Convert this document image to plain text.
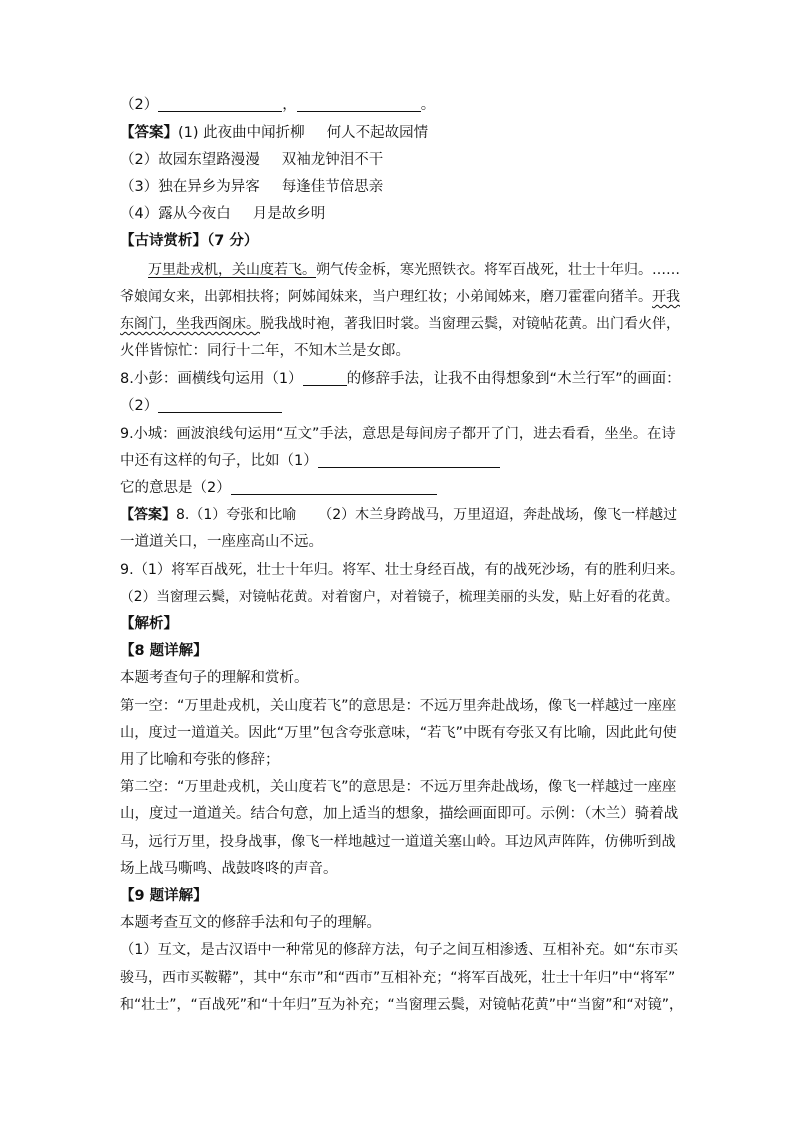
（2）	，	。
【答案】(1) 此夜曲中闻折柳 何人不起故园情
（2）故园东望路漫漫 双袖龙钟泪不干
（3）独在异乡为异客 每逢佳节倍思亲
（4）露从今夜白 月是故乡明
【古诗赏析】（7 分）
万里赴戎机，关山度若飞。朔气传金柝，寒光照铁衣。将军百战死，壮士十年归。……
爷娘闻女来，出郭相扶将；阿姊闻妹来，当户理红妆；小弟闻姊来，磨刀霍霍向猪羊。开我
东阁门，坐我西阁床。脱我战时袍，著我旧时裳。当窗理云鬓，对镜帖花黄。出门看火伴，
火伴皆惊忙：同行十二年，不知木兰是女郎。
8.小彭：画横线句运用（1）	的修辞手法，让我不由得想象到“木兰行军”的画面：
（2）
9.小城：画波浪线句运用“互文”手法，意思是每间房子都开了门，进去看看，坐坐。在诗
中还有这样的句子，比如（1）
它的意思是（2）
【答案】8.（1）夸张和比喻 （2）木兰身跨战马，万里迢迢，奔赴战场，像飞一样越过
一道道关口，一座座高山不远。
9.（1）将军百战死，壮士十年归。将军、壮士身经百战，有的战死沙场，有的胜利归来。
（2）当窗理云鬓，对镜帖花黄。对着窗户，对着镜子，梳理美丽的头发，贴上好看的花黄。
【解析】
【8 题详解】
本题考查句子的理解和赏析。
第一空：“万里赴戎机，关山度若飞”的意思是：不远万里奔赴战场，像飞一样越过一座座
山，度过一道道关。因此“万里”包含夸张意味，“若飞”中既有夸张又有比喻，因此此句使
用了比喻和夸张的修辞；
第二空：“万里赴戎机，关山度若飞”的意思是：不远万里奔赴战场，像飞一样越过一座座
山，度过一道道关。结合句意，加上适当的想象，描绘画面即可。示例：（木兰）骑着战
马，远行万里，投身战事，像飞一样地越过一道道关塞山岭。耳边风声阵阵，仿佛听到战
场上战马嘶鸣、战鼓咚咚的声音。
【9 题详解】
本题考查互文的修辞手法和句子的理解。
（1）互文，是古汉语中一种常见的修辞方法，句子之间互相渗透、互相补充。如“东市买
骏马，西市买鞍鞯”，其中“东市”和“西市”互相补充；“将军百战死，壮士十年归”中“将军”
和“壮士”，“百战死”和“十年归”互为补充；“当窗理云鬓，对镜帖花黄”中“当窗”和“对镜”，
